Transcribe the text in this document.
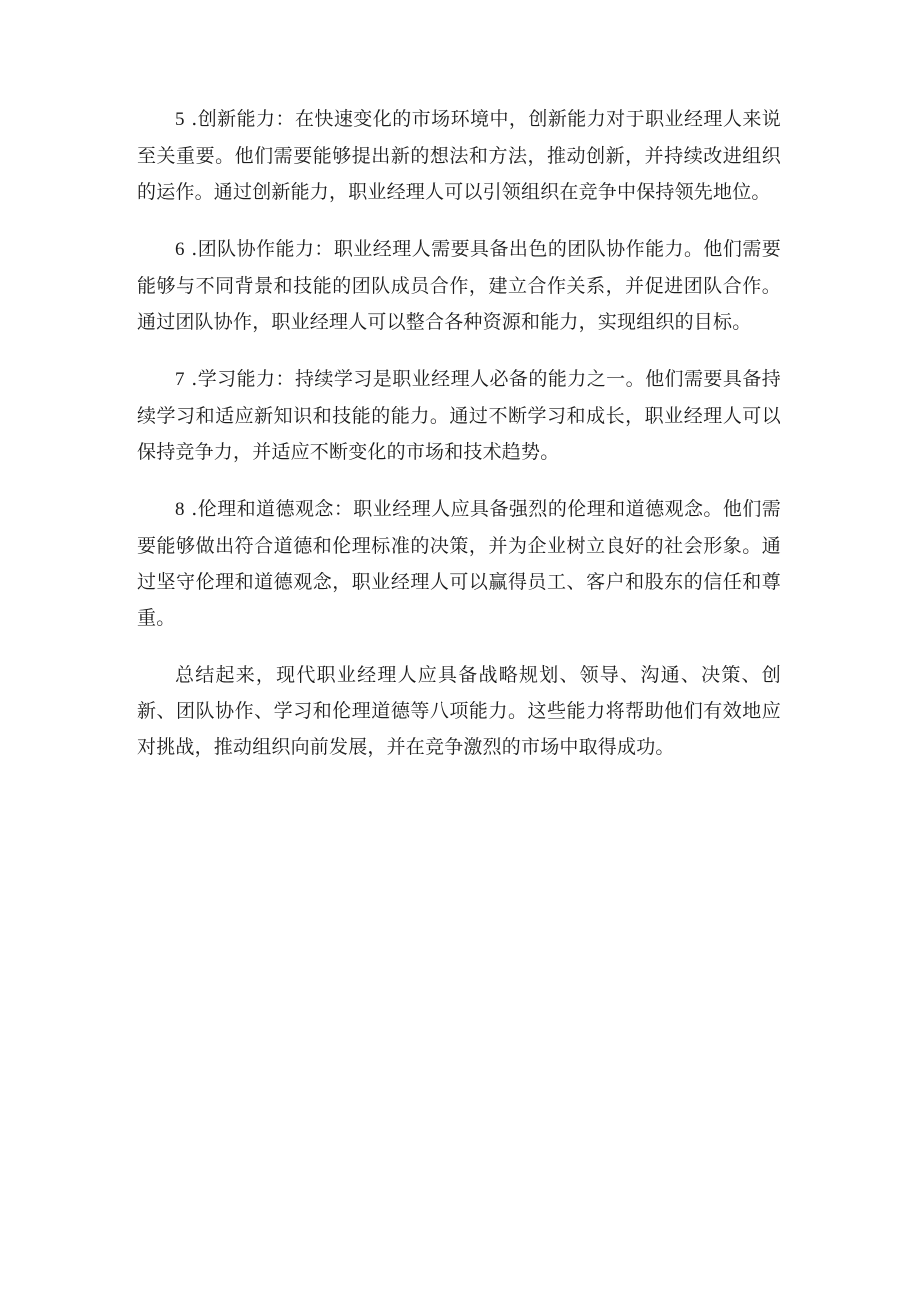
5 .创新能力：在快速变化的市场环境中，创新能力对于职业经理人来说至关重要。他们需要能够提出新的想法和方法，推动创新，并持续改进组织的运作。通过创新能力，职业经理人可以引领组织在竞争中保持领先地位。

6 .团队协作能力：职业经理人需要具备出色的团队协作能力。他们需要能够与不同背景和技能的团队成员合作，建立合作关系，并促进团队合作。通过团队协作，职业经理人可以整合各种资源和能力，实现组织的目标。

7 .学习能力：持续学习是职业经理人必备的能力之一。他们需要具备持续学习和适应新知识和技能的能力。通过不断学习和成长，职业经理人可以保持竞争力，并适应不断变化的市场和技术趋势。

8 .伦理和道德观念：职业经理人应具备强烈的伦理和道德观念。他们需要能够做出符合道德和伦理标准的决策，并为企业树立良好的社会形象。通过坚守伦理和道德观念，职业经理人可以赢得员工、客户和股东的信任和尊重。

总结起来，现代职业经理人应具备战略规划、领导、沟通、决策、创新、团队协作、学习和伦理道德等八项能力。这些能力将帮助他们有效地应对挑战，推动组织向前发展，并在竞争激烈的市场中取得成功。
